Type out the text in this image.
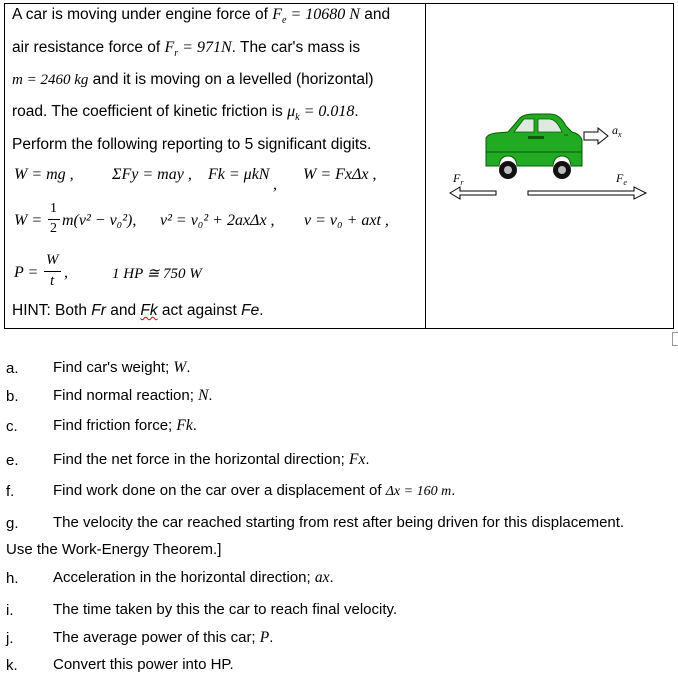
A car is moving under engine force of $F_e = 10680$ N and
air resistance force of $F_r = 971N$. The car's mass is
m = 2460 kg and it is moving on a levelled (horizontal)
road. The coefficient of kinetic friction is $\mu_k = 0.018$.
Perform the following reporting to 5 significant digits.
W = mg , ΣFy = may , Fk = μkN
,
W = FxΔx ,
W =
1
2 m(v² − v₀²), v² = v₀² + 2axΔx , v = v₀ + axt ,
P =
W
t ,	1 HP ≅ 750 W
HINT: Both Fr and Fk act against Fe.
$a_x$
$F_r$	$F_e$
a. Find car's weight; W.
b. Find normal reaction; N.
c. Find friction force; Fk.
e. Find the net force in the horizontal direction; Fx.
f.	Find work done on the car over a displacement of Δx = 160 m.
g. The velocity the car reached starting from rest after being driven for this displacement.
Use the Work-Energy Theorem.]
h. Acceleration in the horizontal direction; ax.
i.	The time taken by this the car to reach final velocity.
j.	The average power of this car; P.
k. Convert this power into HP.
